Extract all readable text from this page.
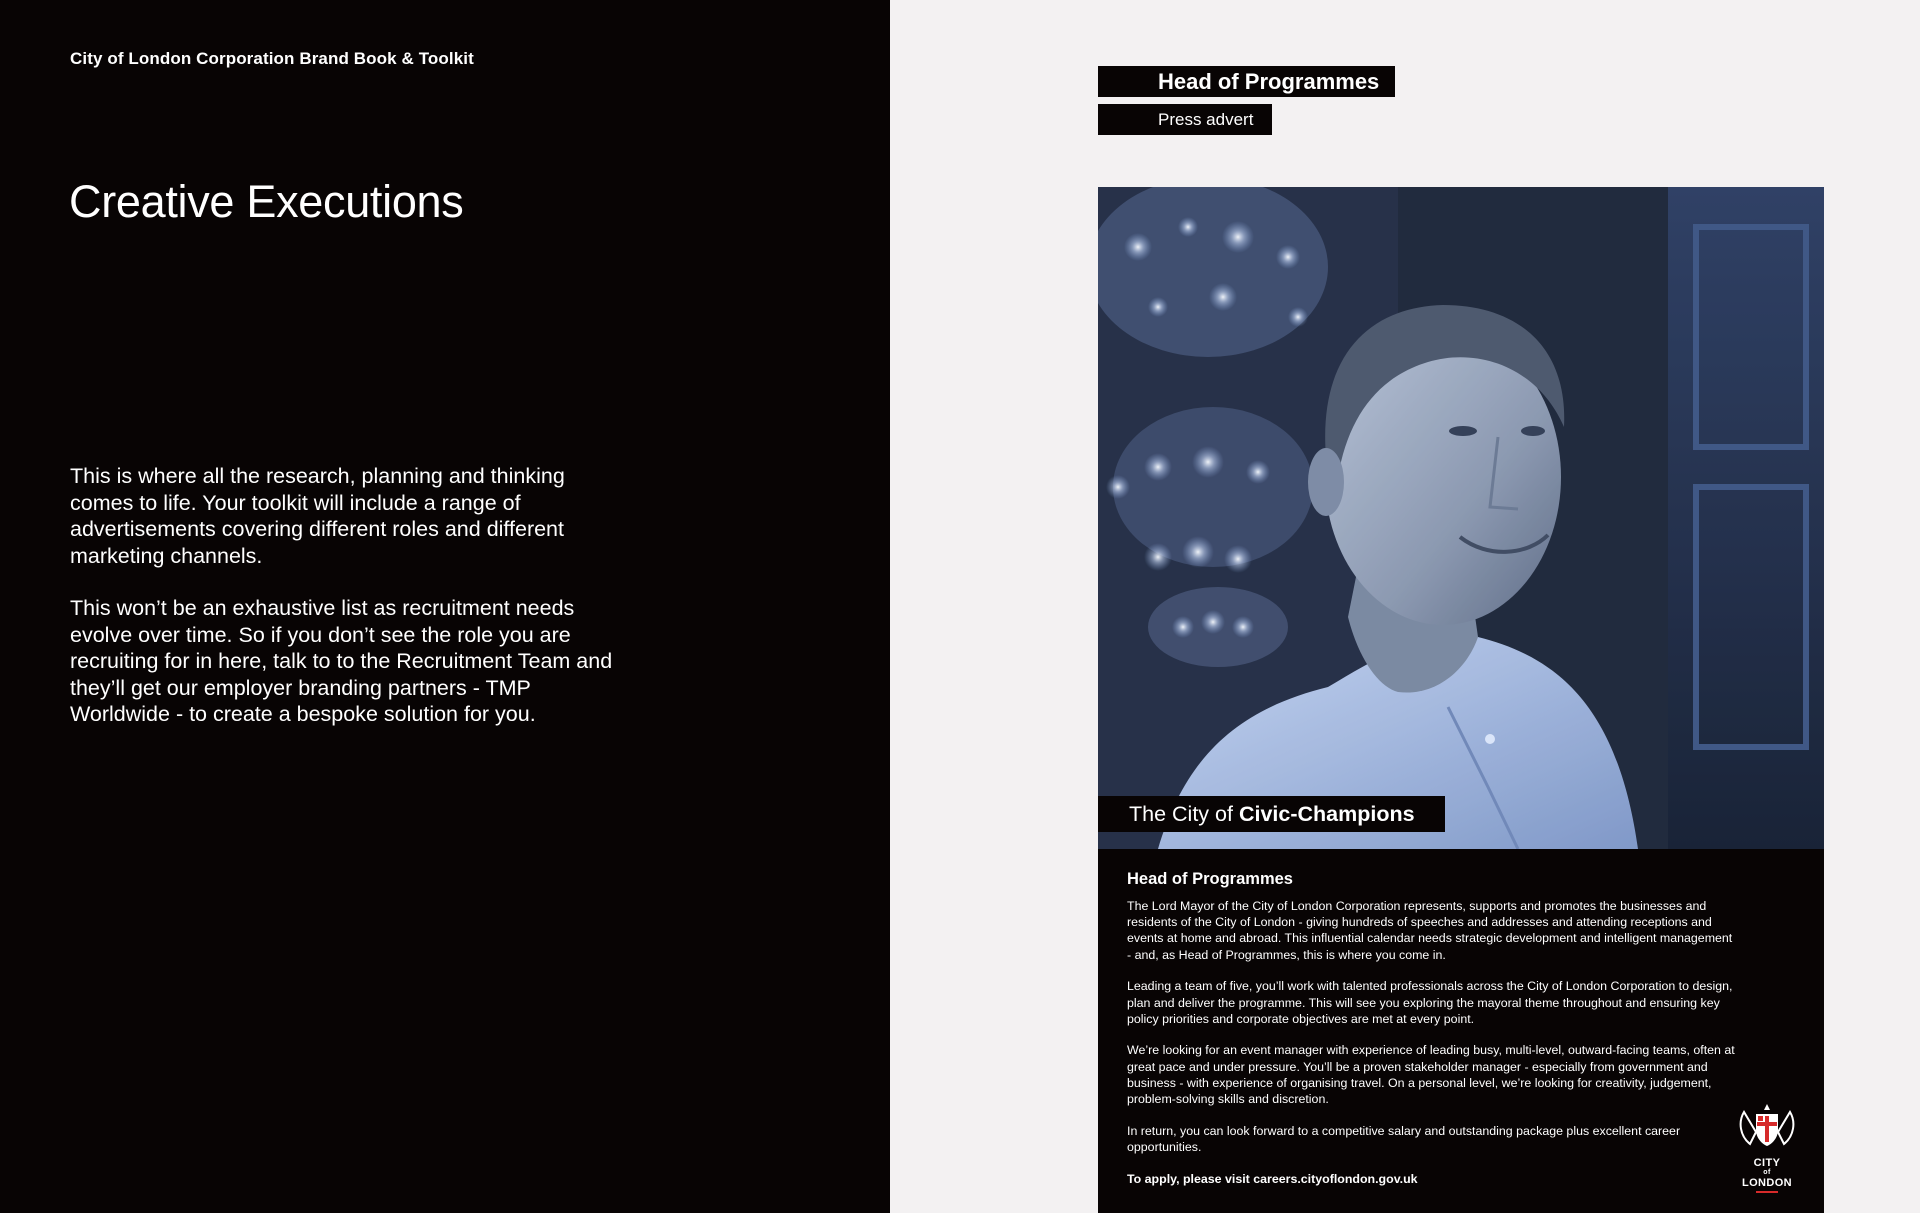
City of London Corporation Brand Book & Toolkit
Creative Executions

This is where all the research, planning and thinking comes to life. Your toolkit will include a range of advertisements covering different roles and different marketing channels.

This won’t be an exhaustive list as recruitment needs evolve over time. So if you don’t see the role you are recruiting for in here, talk to to the Recruitment Team and they’ll get our employer branding partners - TMP Worldwide - to create a bespoke solution for you.

Head of Programmes
Press advert
The City of Civic-Champions
Head of Programmes

The Lord Mayor of the City of London Corporation represents, supports and promotes the businesses and residents of the City of London - giving hundreds of speeches and addresses and attending receptions and events at home and abroad. This influential calendar needs strategic development and intelligent management - and, as Head of Programmes, this is where you come in.

Leading a team of five, you’ll work with talented professionals across the City of London Corporation to design, plan and deliver the programme. This will see you exploring the mayoral theme throughout and ensuring key policy priorities and corporate objectives are met at every point.

We’re looking for an event manager with experience of leading busy, multi-level, outward-facing teams, often at great pace and under pressure. You’ll be a proven stakeholder manager - especially from government and business - with experience of organising travel. On a personal level, we’re looking for creativity, judgement, problem-solving skills and discretion.

In return, you can look forward to a competitive salary and outstanding package plus excellent career opportunities.

To apply, please visit careers.cityoflondon.gov.uk

CITY
of
LONDON
